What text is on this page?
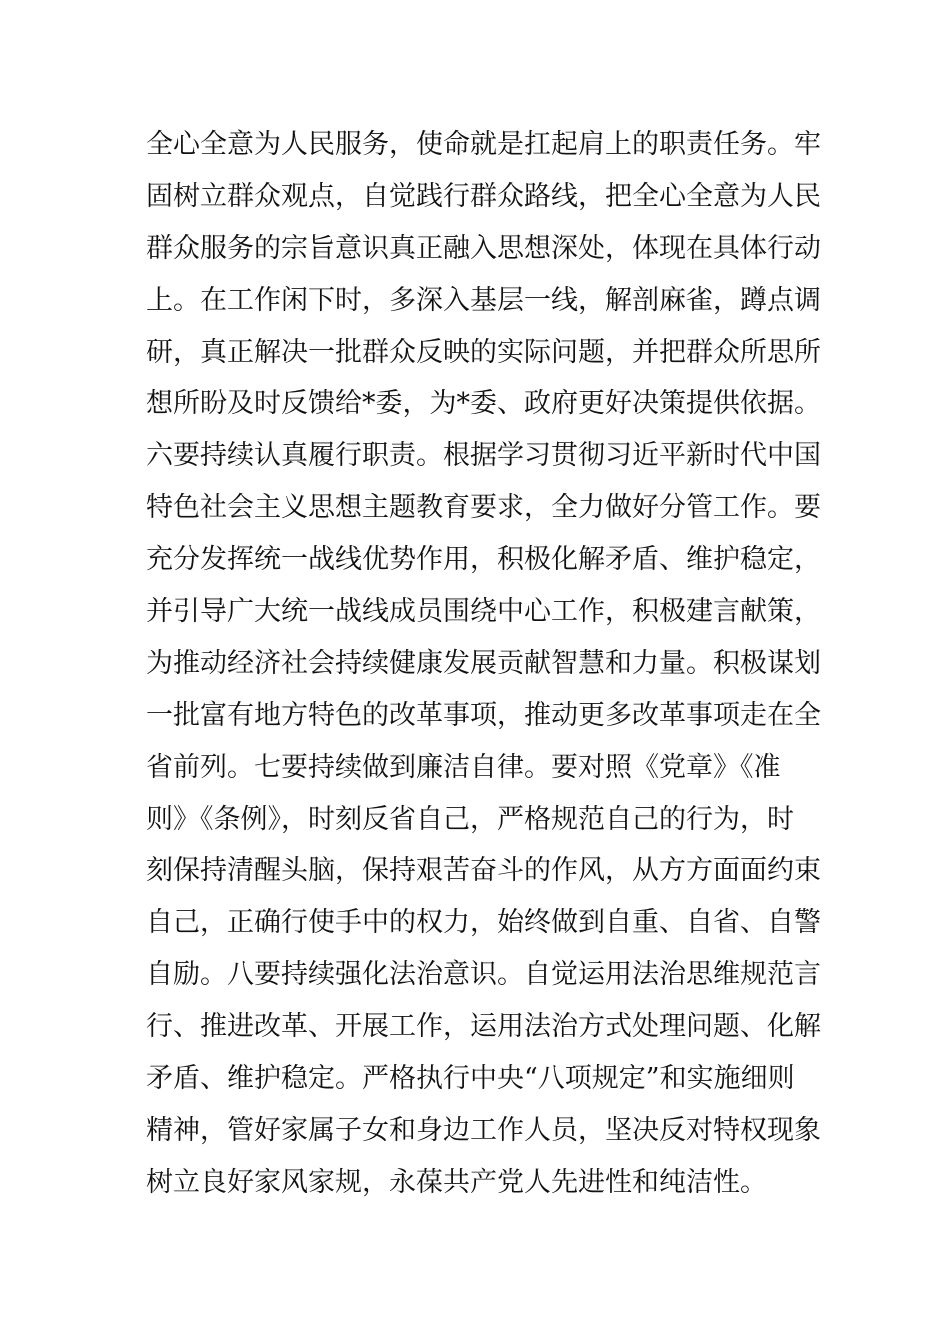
全心全意为人民服务，使命就是扛起肩上的职责任务。牢
固树立群众观点，自觉践行群众路线，把全心全意为人民
群众服务的宗旨意识真正融入思想深处，体现在具体行动
上。在工作闲下时，多深入基层一线，解剖麻雀，蹲点调
研，真正解决一批群众反映的实际问题，并把群众所思所
想所盼及时反馈给*委，为*委、政府更好决策提供依据。
六要持续认真履行职责。根据学习贯彻习近平新时代中国
特色社会主义思想主题教育要求，全力做好分管工作。要
充分发挥统一战线优势作用，积极化解矛盾、维护稳定，
并引导广大统一战线成员围绕中心工作，积极建言献策，
为推动经济社会持续健康发展贡献智慧和力量。积极谋划
一批富有地方特色的改革事项，推动更多改革事项走在全
省前列。七要持续做到廉洁自律。要对照《党章》《准
则》《条例》，时刻反省自己，严格规范自己的行为，时
刻保持清醒头脑，保持艰苦奋斗的作风，从方方面面约束
自己，正确行使手中的权力，始终做到自重、自省、自警
自励。八要持续强化法治意识。自觉运用法治思维规范言
行、推进改革、开展工作，运用法治方式处理问题、化解
矛盾、维护稳定。严格执行中央“八项规定”和实施细则
精神，管好家属子女和身边工作人员，坚决反对特权现象
树立良好家风家规，永葆共产党人先进性和纯洁性。
